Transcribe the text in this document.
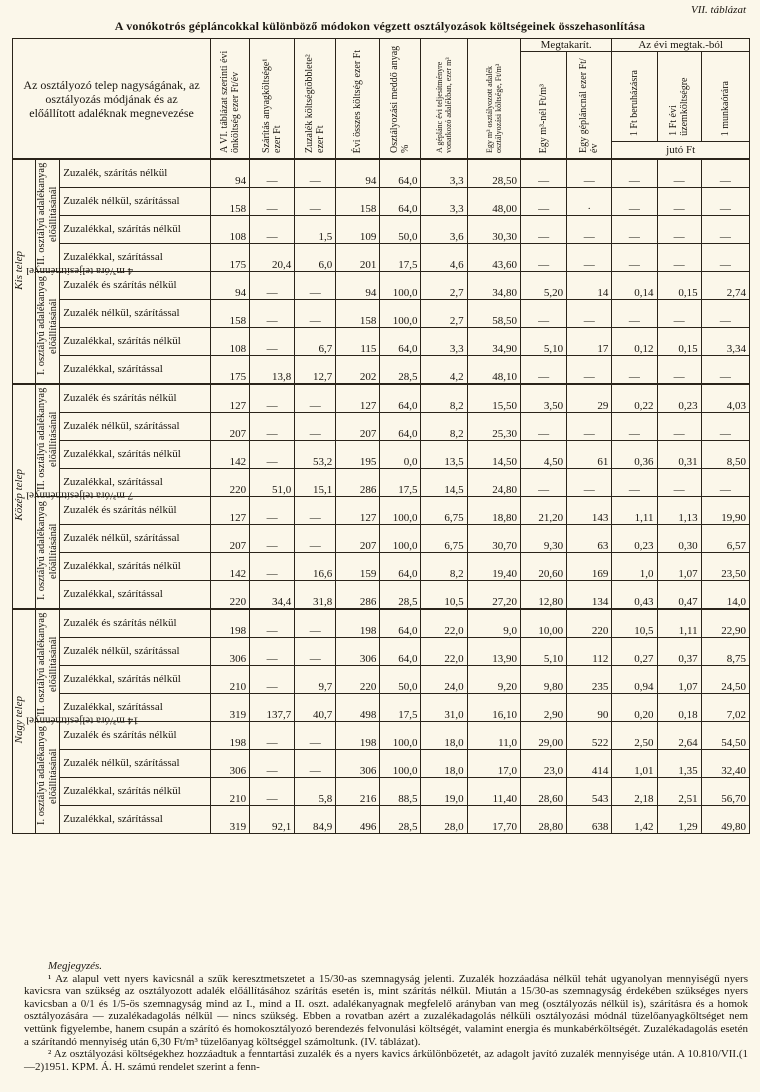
VII. táblázat
A vonókotrós gépláncokkal különböző módokon végzett osztályozások költségeinek összehasonlítása
Az osztályozó telep nagyságának, az osztályozás módjának és az előállított adaléknak megnevezése			A VI. táblázat szerinti évi önköltség ezer Ft/év	Szárítás anyagköltsége¹ ezer Ft	Zuzalék költségtöbblete² ezer Ft	Évi összes költség ezer Ft	Osztályozási meddő anyag %	A géplánc évi teljesítményre vonatkozó adalékban, ezer m³	Egy m³ osztályozott adalék osztályozási költsége, Ft/m³	Megtakarít.		Az évi megtak.-ból		
										Egy m³-nél Ft/m³	Egy gépláncnál ezer Ft/év	1 Ft beruházásra	1 Ft évi üzemköltségre	1 munkaórára
												jutó Ft		
Kis telep
4 m³/óra teljesítménnyel	II. osztályú adalékanyag előállításánál	Zuzalék, szárítás nélkül	94	—	—	94	64,0	3,3	28,50	—	—	—	—	—
		Zuzalék nélkül, szárítással	158	—	—	158	64,0	3,3	48,00	—	·	—	—	—
		Zuzalékkal, szárítás nélkül	108	—	1,5	109	50,0	3,6	30,30	—	—	—	—	—
		Zuzalékkal, szárítással	175	20,4	6,0	201	17,5	4,6	43,60	—	—	—	—	—
	I. osztályú adalékanyag előállításánál	Zuzalék és szárítás nélkül	94	—	—	94	100,0	2,7	34,80	5,20	14	0,14	0,15	2,74
		Zuzalék nélkül, szárítással	158	—	—	158	100,0	2,7	58,50	—	—	—	—	—
		Zuzalékkal, szárítás nélkül	108	—	6,7	115	64,0	3,3	34,90	5,10	17	0,12	0,15	3,34
		Zuzalékkal, szárítással	175	13,8	12,7	202	28,5	4,2	48,10	—	—	—	—	—
Közép telep
7 m³/óra teljesítménnyel	II. osztályú adalékanyag előállításánál	Zuzalék és szárítás nélkül	127	—	—	127	64,0	8,2	15,50	3,50	29	0,22	0,23	4,03
		Zuzalék nélkül, szárítással	207	—	—	207	64,0	8,2	25,30	—	—	—	—	—
		Zuzalékkal, szárítás nélkül	142	—	53,2	195	0,0	13,5	14,50	4,50	61	0,36	0,31	8,50
		Zuzalékkal, szárítással	220	51,0	15,1	286	17,5	14,5	24,80	—	—	—	—	—
	I. osztályú adalékanyag előállításánál	Zuzalék és szárítás nélkül	127	—	—	127	100,0	6,75	18,80	21,20	143	1,11	1,13	19,90
		Zuzalék nélkül, szárítással	207	—	—	207	100,0	6,75	30,70	9,30	63	0,23	0,30	6,57
		Zuzalékkal, szárítás nélkül	142	—	16,6	159	64,0	8,2	19,40	20,60	169	1,0	1,07	23,50
		Zuzalékkal, szárítással	220	34,4	31,8	286	28,5	10,5	27,20	12,80	134	0,43	0,47	14,0
Nagy telep
14 m³/óra teljesítménnyel	II. osztályú adalékanyag előállításánál	Zuzalék és szárítás nélkül	198	—	—	198	64,0	22,0	9,0	10,00	220	10,5	1,11	22,90
		Zuzalék nélkül, szárítással	306	—	—	306	64,0	22,0	13,90	5,10	112	0,27	0,37	8,75
		Zuzalékkal, szárítás nélkül	210	—	9,7	220	50,0	24,0	9,20	9,80	235	0,94	1,07	24,50
		Zuzalékkal, szárítással	319	137,7	40,7	498	17,5	31,0	16,10	2,90	90	0,20	0,18	7,02
	I. osztályú adalékanyag előállításánál	Zuzalék és szárítás nélkül	198	—	—	198	100,0	18,0	11,0	29,00	522	2,50	2,64	54,50
		Zuzalék nélkül, szárítással	306	—	—	306	100,0	18,0	17,0	23,0	414	1,01	1,35	32,40
		Zuzalékkal, szárítás nélkül	210	—	5,8	216	88,5	19,0	11,40	28,60	543	2,18	2,51	56,70
		Zuzalékkal, szárítással	319	92,1	84,9	496	28,5	28,0	17,70	28,80	638	1,42	1,29	49,80
Megjegyzés.
¹ Az alapul vett nyers kavicsnál a szűk keresztmetszetet a 15/30-as szemnagyság jelenti. Zuzalék hozzáadása nélkül tehát ugyanolyan mennyiségű nyers kavicsra van szükség az osztályozott adalék előállításához szárítás esetén is, mint szárítás nélkül. Miután a 15/30-as szemnagyság érdekében szükséges nyers kavicsban a 0/1 és 1/5-ös szemnagyság mind az I., mind a II. oszt. adalékanyagnak megfelelő arányban van meg (osztályozás nélkül is), szárításra és a homok osztályozására — zuzalékadagolás nélkül — nincs szükség. Ebben a rovatban azért a zuzalékadagolás nélküli osztályozási módnál tüzelőanyagköltséget nem vettünk figyelembe, hanem csupán a szárító és homokosztályozó berendezés felvonulási költségét, valamint energia és munkabérköltségét. Zuzalékadagolás esetén a szárítandó mennyiség után 6,30 Ft/m³ tüzelőanyag költséggel számoltunk. (IV. táblázat).
² Az osztályozási költségekhez hozzáadtuk a fenntartási zuzalék és a nyers kavics árkülönbözetét, az adagolt javító zuzalék mennyisége után. A 10.810/VII.(1—2)1951. KPM. Á. H. számú rendelet szerint a fenn-
